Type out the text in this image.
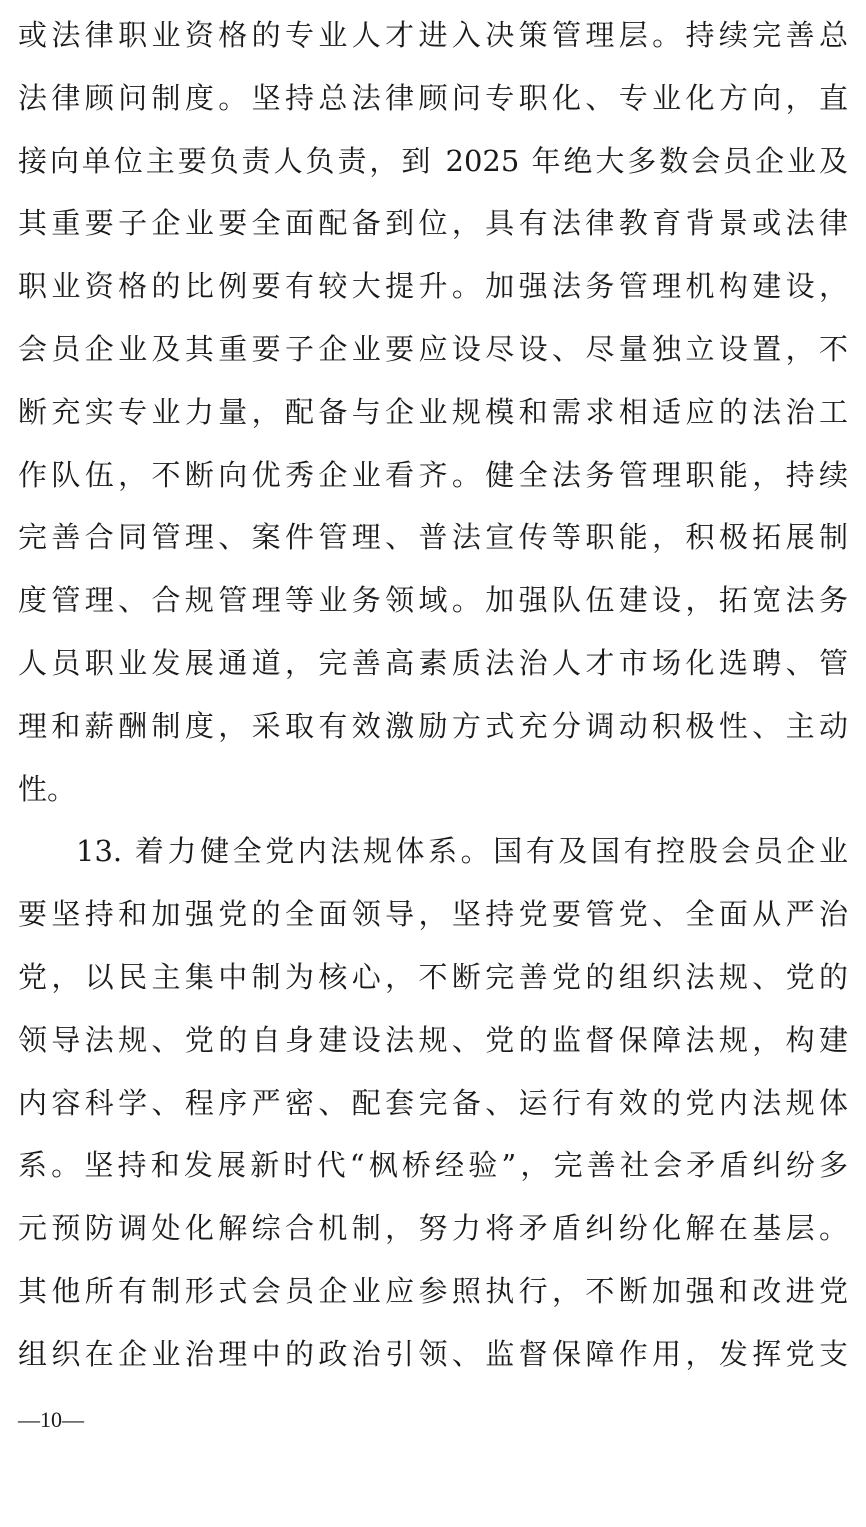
或法律职业资格的专业人才进入决策管理层。持续完善总
法律顾问制度。坚持总法律顾问专职化、专业化方向，直
接向单位主要负责人负责，到 2025 年绝大多数会员企业及
其重要子企业要全面配备到位，具有法律教育背景或法律
职业资格的比例要有较大提升。加强法务管理机构建设，
会员企业及其重要子企业要应设尽设、尽量独立设置，不
断充实专业力量，配备与企业规模和需求相适应的法治工
作队伍，不断向优秀企业看齐。健全法务管理职能，持续
完善合同管理、案件管理、普法宣传等职能，积极拓展制
度管理、合规管理等业务领域。加强队伍建设，拓宽法务
人员职业发展通道，完善高素质法治人才市场化选聘、管
理和薪酬制度，采取有效激励方式充分调动积极性、主动
性。
13. 着力健全党内法规体系。国有及国有控股会员企业
要坚持和加强党的全面领导，坚持党要管党、全面从严治
党，以民主集中制为核心，不断完善党的组织法规、党的
领导法规、党的自身建设法规、党的监督保障法规，构建
内容科学、程序严密、配套完备、运行有效的党内法规体
系。坚持和发展新时代“枫桥经验”，完善社会矛盾纠纷多
元预防调处化解综合机制，努力将矛盾纠纷化解在基层。
其他所有制形式会员企业应参照执行，不断加强和改进党
组织在企业治理中的政治引领、监督保障作用，发挥党支
—10—
